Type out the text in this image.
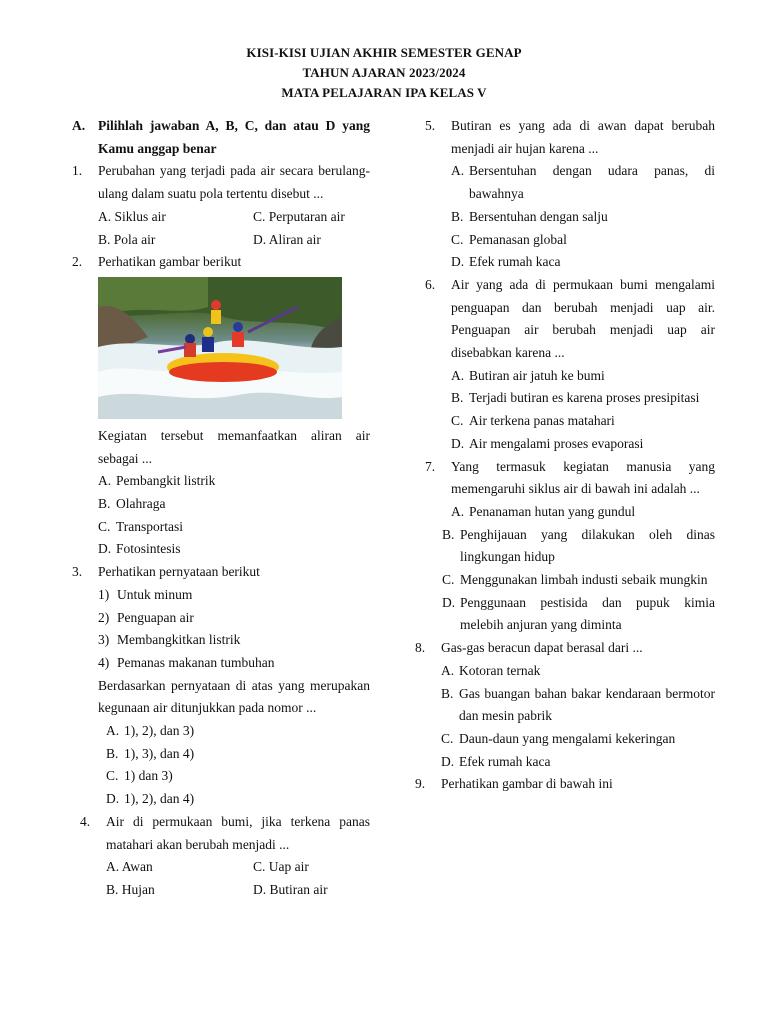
KISI-KISI UJIAN AKHIR SEMESTER GENAP
TAHUN AJARAN 2023/2024
MATA PELAJARAN IPA KELAS V
A. Pilihlah jawaban A, B, C, dan atau D yang Kamu anggap benar
1.	Perubahan yang terjadi pada air secara berulang-ulang dalam suatu pola tertentu disebut ...
A. Siklus air	C. Perputaran air
B. Pola air	D. Aliran air
2.	Perhatikan gambar berikut
Kegiatan tersebut memanfaatkan aliran air sebagai ...
A. Pembangkit listrik
B. Olahraga
C. Transportasi
D. Fotosintesis
3.	Perhatikan pernyataan berikut
1) Untuk minum
2) Penguapan air
3) Membangkitkan listrik
4) Pemanas makanan tumbuhan
Berdasarkan pernyataan di atas yang merupakan kegunaan air ditunjukkan pada nomor ...
A. 1), 2), dan 3)
B. 1), 3), dan 4)
C. 1) dan 3)
D. 1), 2), dan 4)
4.	Air di permukaan bumi, jika terkena panas matahari akan berubah menjadi ...
A. Awan	C. Uap air
B. Hujan	D. Butiran air
5.	Butiran es yang ada di awan dapat berubah menjadi air hujan karena ...
A. Bersentuhan dengan udara panas, di bawahnya
B. Bersentuhan dengan salju
C. Pemanasan global
D. Efek rumah kaca
6.	Air yang ada di permukaan bumi mengalami penguapan dan berubah menjadi uap air. Penguapan air berubah menjadi uap air disebabkan karena ...
A. Butiran air jatuh ke bumi
B. Terjadi butiran es karena proses presipitasi
C. Air terkena panas matahari
D. Air mengalami proses evaporasi
7.	Yang termasuk kegiatan manusia yang memengaruhi siklus air di bawah ini adalah ...
A. Penanaman hutan yang gundul
B. Penghijauan yang dilakukan oleh dinas lingkungan hidup
C. Menggunakan limbah industi sebaik mungkin
D. Penggunaan pestisida dan pupuk kimia melebih anjuran yang diminta
8.	Gas-gas beracun dapat berasal dari ...
A. Kotoran ternak
B. Gas buangan bahan bakar kendaraan bermotor dan mesin pabrik
C. Daun-daun yang mengalami kekeringan
D. Efek rumah kaca
9.	Perhatikan gambar di bawah ini
